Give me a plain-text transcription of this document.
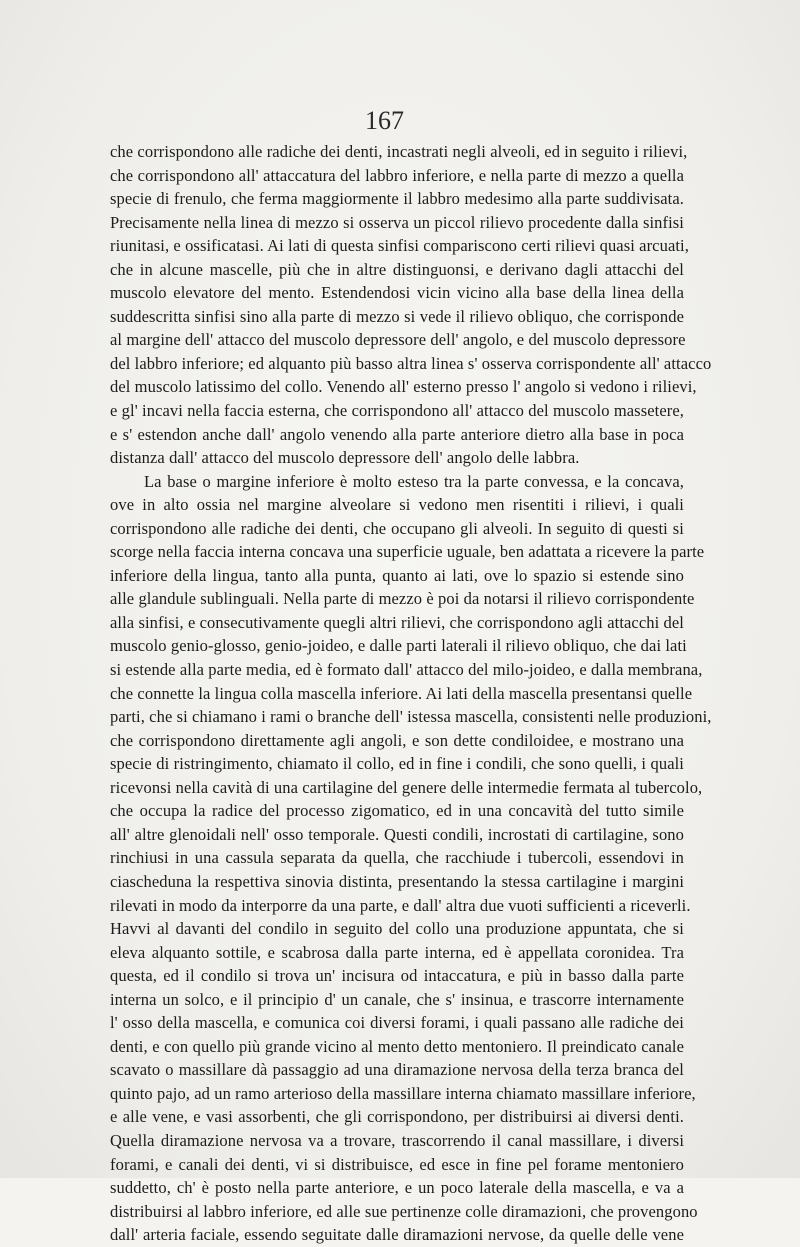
167
che corrispondono alle radiche dei denti, incastrati negli alveoli, ed in seguito i rilievi,
che corrispondono all' attaccatura del labbro inferiore, e nella parte di mezzo a quella
specie di frenulo, che ferma maggiormente il labbro medesimo alla parte suddivisata.
Precisamente nella linea di mezzo si osserva un piccol rilievo procedente dalla sinfisi
riunitasi, e ossificatasi. Ai lati di questa sinfisi compariscono certi rilievi quasi arcuati,
che in alcune mascelle, più che in altre distinguonsi, e derivano dagli attacchi del
muscolo elevatore del mento. Estendendosi vicin vicino alla base della linea della
suddescritta sinfisi sino alla parte di mezzo si vede il rilievo obliquo, che corrisponde
al margine dell' attacco del muscolo depressore dell' angolo, e del muscolo depressore
del labbro inferiore; ed alquanto più basso altra linea s' osserva corrispondente all' attacco
del muscolo latissimo del collo. Venendo all' esterno presso l' angolo si vedono i rilievi,
e gl' incavi nella faccia esterna, che corrispondono all' attacco del muscolo massetere,
e s' estendon anche dall' angolo venendo alla parte anteriore dietro alla base in poca
distanza dall' attacco del muscolo depressore dell' angolo delle labbra.
La base o margine inferiore è molto esteso tra la parte convessa, e la concava,
ove in alto ossia nel margine alveolare si vedono men risentiti i rilievi, i quali
corrispondono alle radiche dei denti, che occupano gli alveoli. In seguito di questi si
scorge nella faccia interna concava una superficie uguale, ben adattata a ricevere la parte
inferiore della lingua, tanto alla punta, quanto ai lati, ove lo spazio si estende sino
alle glandule sublinguali. Nella parte di mezzo è poi da notarsi il rilievo corrispondente
alla sinfisi, e consecutivamente quegli altri rilievi, che corrispondono agli attacchi del
muscolo genio-glosso, genio-joideo, e dalle parti laterali il rilievo obliquo, che dai lati
si estende alla parte media, ed è formato dall' attacco del milo-joideo, e dalla membrana,
che connette la lingua colla mascella inferiore. Ai lati della mascella presentansi quelle
parti, che si chiamano i rami o branche dell' istessa mascella, consistenti nelle produzioni,
che corrispondono direttamente agli angoli, e son dette condiloidee, e mostrano una
specie di ristringimento, chiamato il collo, ed in fine i condili, che sono quelli, i quali
ricevonsi nella cavità di una cartilagine del genere delle intermedie fermata al tubercolo,
che occupa la radice del processo zigomatico, ed in una concavità del tutto simile
all' altre glenoidali nell' osso temporale. Questi condili, incrostati di cartilagine, sono
rinchiusi in una cassula separata da quella, che racchiude i tubercoli, essendovi in
ciascheduna la respettiva sinovia distinta, presentando la stessa cartilagine i margini
rilevati in modo da interporre da una parte, e dall' altra due vuoti sufficienti a riceverli.
Havvi al davanti del condilo in seguito del collo una produzione appuntata, che si
eleva alquanto sottile, e scabrosa dalla parte interna, ed è appellata coronidea. Tra
questa, ed il condilo si trova un' incisura od intaccatura, e più in basso dalla parte
interna un solco, e il principio d' un canale, che s' insinua, e trascorre internamente
l' osso della mascella, e comunica coi diversi forami, i quali passano alle radiche dei
denti, e con quello più grande vicino al mento detto mentoniero. Il preindicato canale
scavato o massillare dà passaggio ad una diramazione nervosa della terza branca del
quinto pajo, ad un ramo arterioso della massillare interna chiamato massillare inferiore,
e alle vene, e vasi assorbenti, che gli corrispondono, per distribuirsi ai diversi denti.
Quella diramazione nervosa va a trovare, trascorrendo il canal massillare, i diversi
forami, e canali dei denti, vi si distribuisce, ed esce in fine pel forame mentoniero
suddetto, ch' è posto nella parte anteriore, e un poco laterale della mascella, e va a
distribuirsi al labbro inferiore, ed alle sue pertinenze colle diramazioni, che provengono
dall' arteria faciale, essendo seguitate dalle diramazioni nervose, da quelle delle vene
